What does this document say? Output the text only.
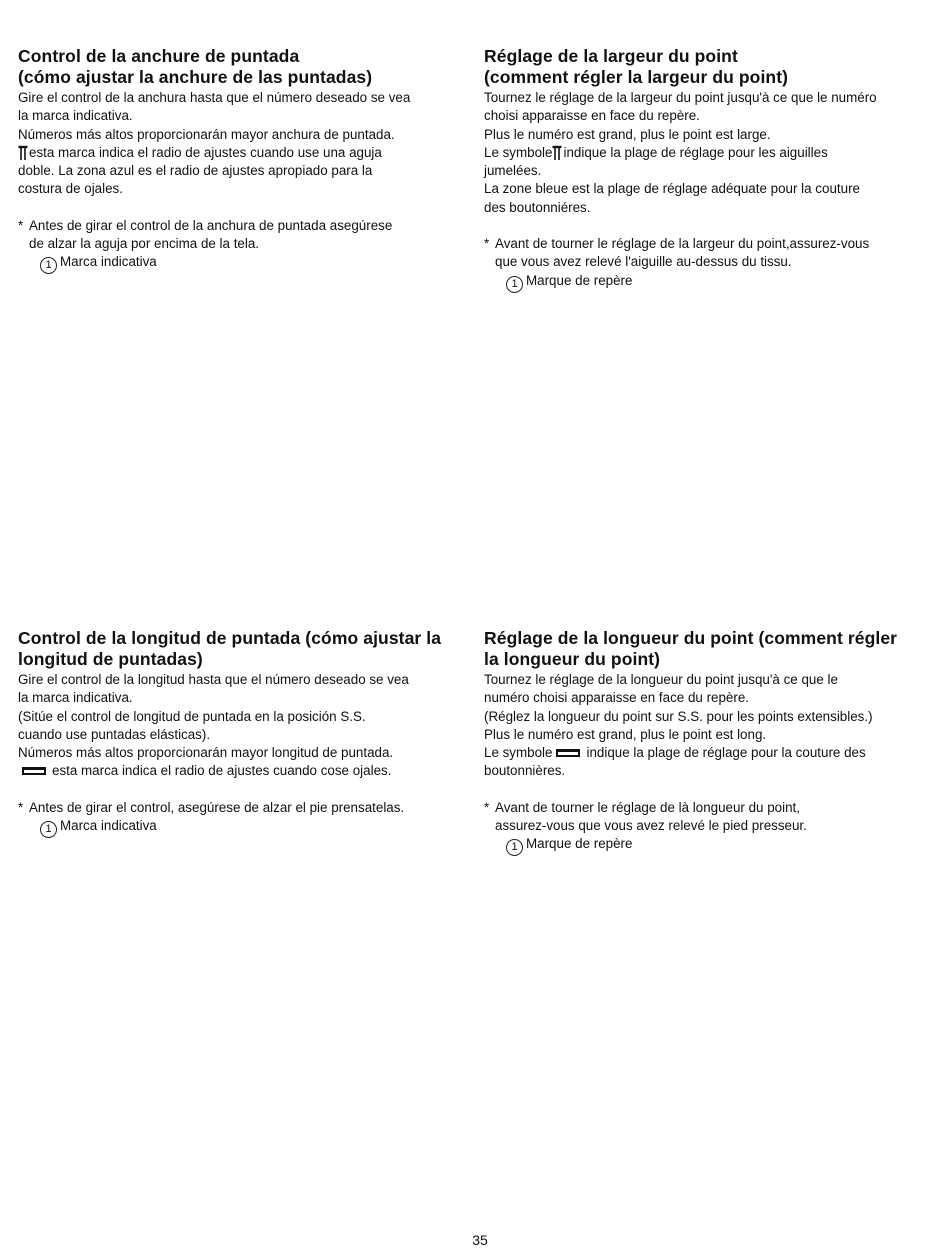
Control de la anchure de puntada
(cómo ajustar la anchure de las puntadas)

Gire el control de la anchura hasta que el número deseado se vea
la marca indicativa.

Números más altos proporcionarán mayor anchura de puntada.

esta marca indica el radio de ajustes cuando use una aguja
doble. La zona azul es el radio de ajustes apropiado para la
costura de ojales.

* Antes de girar el control de la anchura de puntada asegúrese
de alzar la aguja por encima de la tela.

1 Marca indicativa

Réglage de la largeur du point
(comment régler la largeur du point)

Tournez le réglage de la largeur du point jusqu'à ce que le numéro
choisi apparaisse en face du repère.

Plus le numéro est grand, plus le point est large.

Le symbole indique la plage de réglage pour les aiguilles
jumelées.

La zone bleue est la plage de réglage adéquate pour la couture
des boutonniéres.

* Avant de tourner le réglage de la largeur du point,assurez-vous
que vous avez relevé l'aiguille au-dessus du tissu.

1 Marque de repère

Control de la longitud de puntada (cómo ajustar la
longitud de puntadas)

Gire el control de la longitud hasta que el número deseado se vea
la marca indicativa.

(Sitúe el control de longitud de puntada en la posición S.S.
cuando use puntadas elásticas).

Números más altos proporcionarán mayor longitud de puntada.

esta marca indica el radio de ajustes cuando cose ojales.

* Antes de girar el control, asegúrese de alzar el pie prensatelas.

1 Marca indicativa

Réglage de la longueur du point (comment régler
la longueur du point)

Tournez le réglage de la longueur du point jusqu'à ce que le
numéro choisi apparaisse en face du repère.

(Réglez la longueur du point sur S.S. pour les points extensibles.)

Plus le numéro est grand, plus le point est long.

Le symbole	indique la plage de réglage pour la couture des
boutonnières.

* Avant de tourner le réglage de là longueur du point,
assurez-vous que vous avez relevé le pied presseur.

1 Marque de repère

35
